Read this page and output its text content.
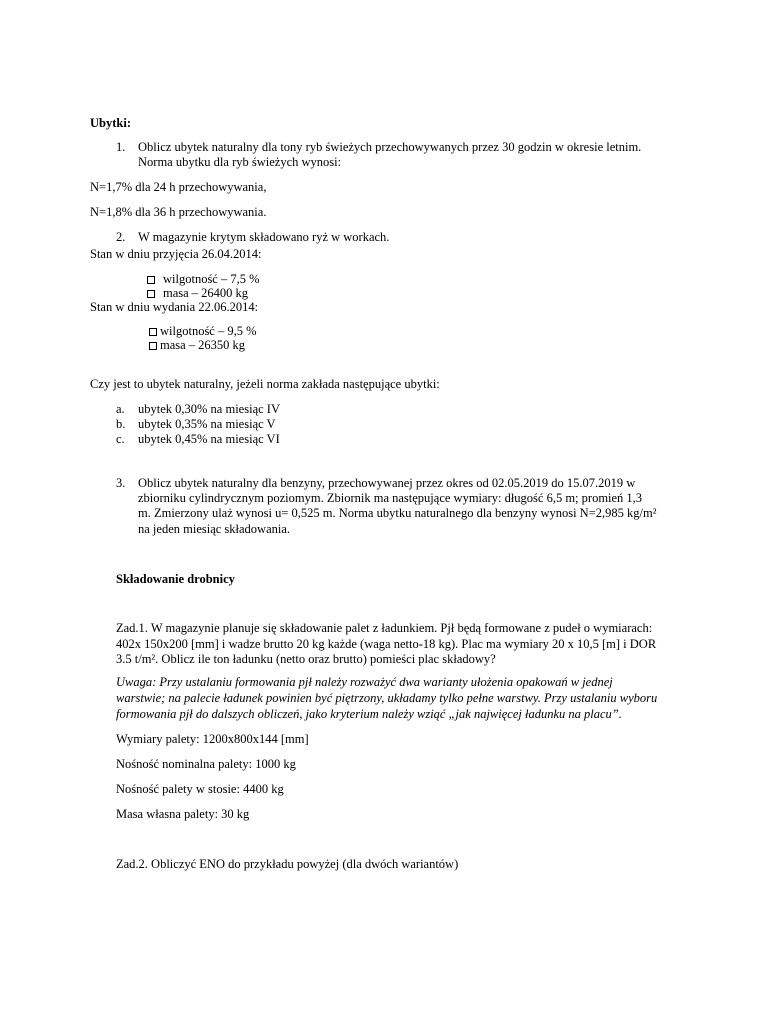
Ubytki:
1. Oblicz ubytek naturalny dla tony ryb świeżych przechowywanych przez 30 godzin w okresie letnim.
Norma ubytku dla ryb świeżych wynosi:
N=1,7% dla 24 h przechowywania,
N=1,8% dla 36 h przechowywania.
2. W magazynie krytym składowano ryż w workach.
Stan w dniu przyjęcia 26.04.2014:
wilgotność – 7,5 %
masa – 26400 kg
Stan w dniu wydania 22.06.2014:
wilgotność – 9,5 %
masa – 26350 kg
Czy jest to ubytek naturalny, jeżeli norma zakłada następujące ubytki:
a. ubytek 0,30% na miesiąc IV
b. ubytek 0,35% na miesiąc V
c. ubytek 0,45% na miesiąc VI
3. Oblicz ubytek naturalny dla benzyny, przechowywanej przez okres od 02.05.2019 do 15.07.2019 w
zbiorniku cylindrycznym poziomym. Zbiornik ma następujące wymiary: długość 6,5 m; promień 1,3
m. Zmierzony ulaż wynosi u= 0,525 m. Norma ubytku naturalnego dla benzyny wynosi N=2,985 kg/m²
na jeden miesiąc składowania.
Składowanie drobnicy
Zad.1. W magazynie planuje się składowanie palet z ładunkiem. Pjł będą formowane z pudeł o wymiarach:
402x 150x200 [mm] i wadze brutto 20 kg każde (waga netto-18 kg). Plac ma wymiary 20 x 10,5 [m] i DOR
3.5 t/m². Oblicz ile ton ładunku (netto oraz brutto) pomieści plac składowy?
Uwaga: Przy ustalaniu formowania pjł należy rozważyć dwa warianty ułożenia opakowań w jednej
warstwie; na palecie ładunek powinien być piętrzony, układamy tylko pełne warstwy. Przy ustalaniu wyboru
formowania pjł do dalszych obliczeń, jako kryterium należy wziąć „jak najwięcej ładunku na placu”.
Wymiary palety: 1200x800x144 [mm]
Nośność nominalna palety: 1000 kg
Nośność palety w stosie: 4400 kg
Masa własna palety: 30 kg
Zad.2. Obliczyć ENO do przykładu powyżej (dla dwóch wariantów)
